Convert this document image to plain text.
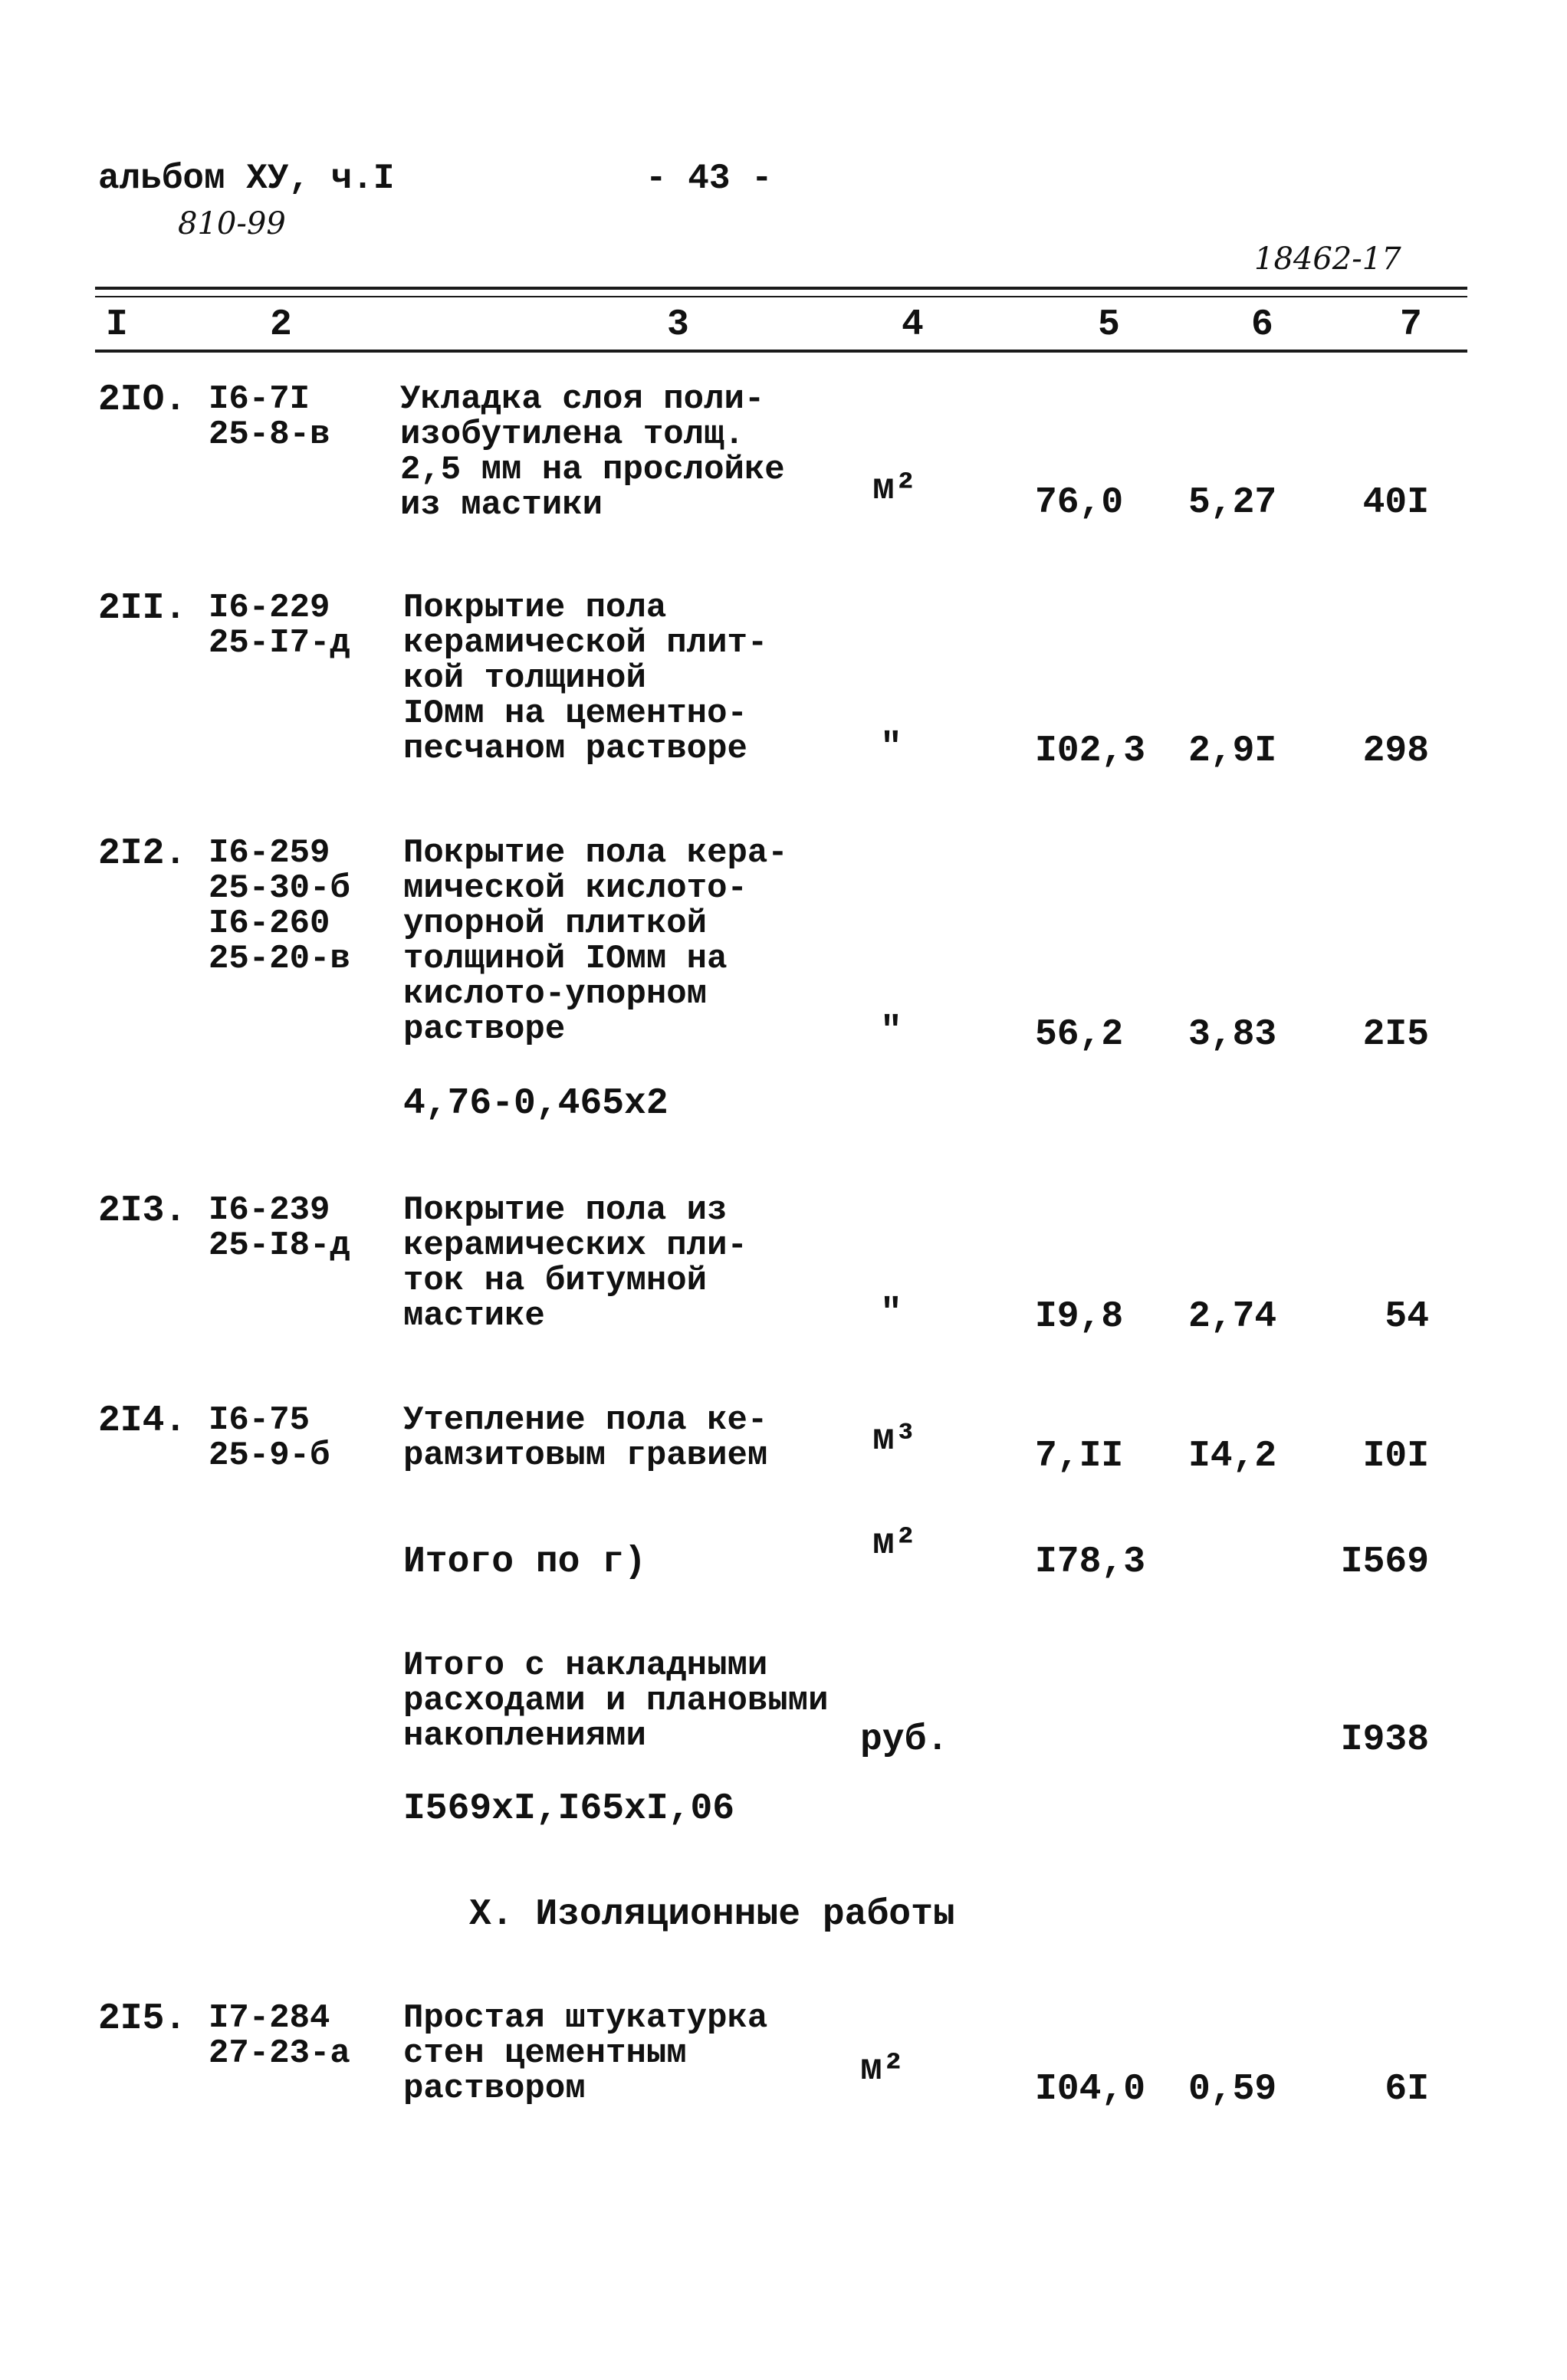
альбом ХУ, ч.I	- 43 -
810-99
18462-17
I	2	3	4	5	6	7
2IO. I6-7I
25-8-в
Укладка слоя поли-
изобутилена толщ.
2,5 мм на прослойке
из мастики	м²	76,0 5,27	40I
2II. I6-229
25-I7-д
Покрытие пола
керамической плит-
кой толщиной
IОмм на цементно-
песчаном растворе	"	I02,3 2,9I	298
2I2. I6-259
25-30-б
I6-260
25-20-в
Покрытие пола кера-
мической кислото-
упорной плиткой
толщиной IОмм на
кислото-упорном
растворе	"	56,2 3,83	2I5
4,76-0,465x2
2I3. I6-239
25-I8-д
Покрытие пола из
керамических пли-
ток на битумной
мастике	"	I9,8 2,74	54
2I4. I6-75
25-9-б
Утепление пола ке-
рамзитовым гравием	м³	7,II I4,2	I0I
Итого по г)	м²	I78,3	I569
Итого с накладными
расходами и плановыми
накоплениями	руб.	I938
I569xI,I65xI,06
Х. Изоляционные работы
2I5. I7-284
27-23-а
Простая штукатурка
стен цементным
раствором	м²	I04,0 0,59	6I
